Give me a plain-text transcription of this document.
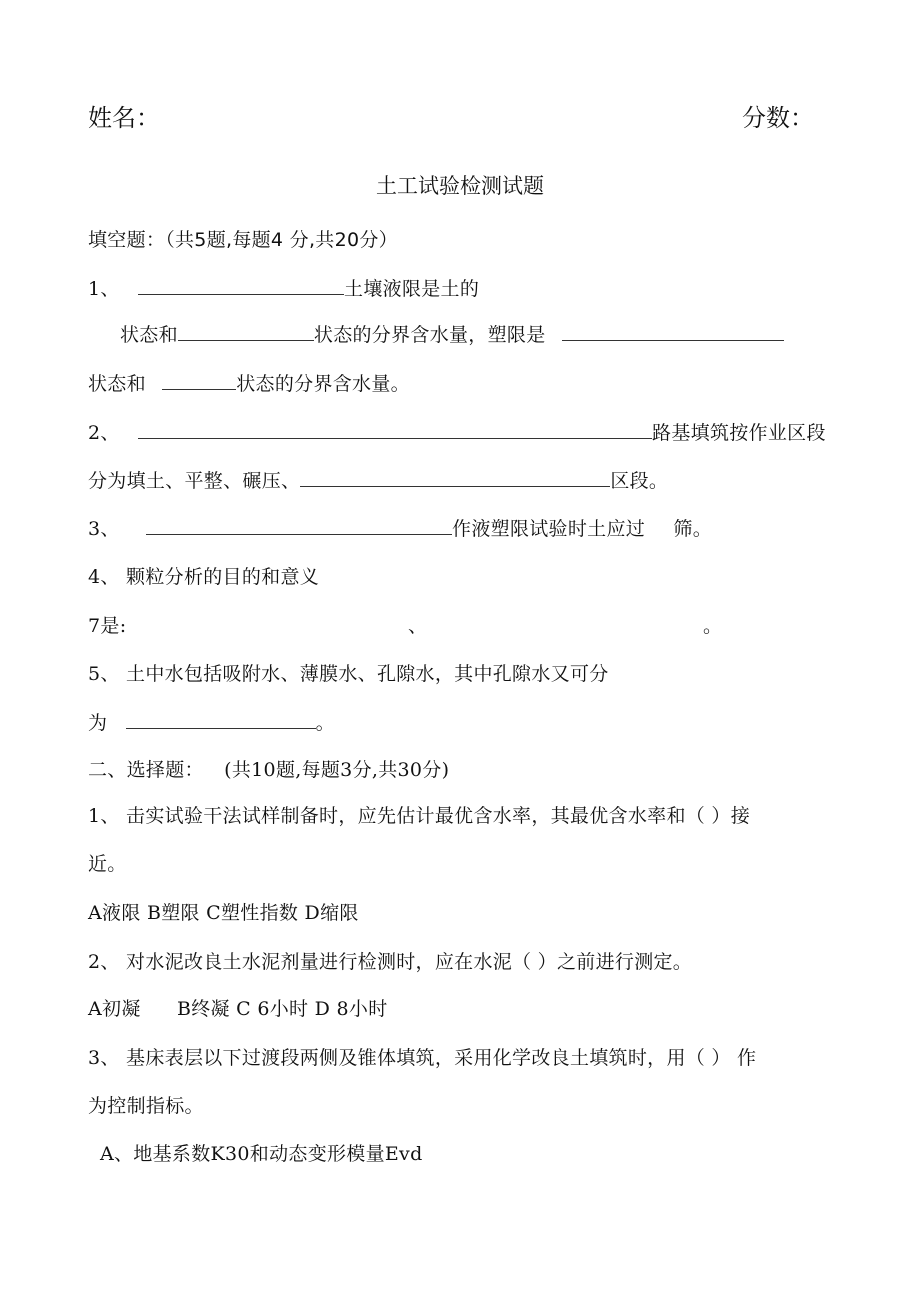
姓名：	分数：
土工试验检测试题
填空题：（共5题,每题4 分,共20分）
1、	土壤液限是土的
状态和	状态的分界含水量，塑限是
状态和	状态的分界含水量。
2、	路基填筑按作业区段
分为填土、平整、碾压、	区段。
3、	作液塑限试验时土应过 筛。
4、 颗粒分析的目的和意义
7是:	、	。
5、 土中水包括吸附水、薄膜水、孔隙水，其中孔隙水又可分
为	。
二、选择题： (共10题,每题3分,共30分)
1、 击实试验干法试样制备时，应先估计最优含水率，其最优含水率和（ ）接
近。
A液限 B塑限 C塑性指数 D缩限
2、 对水泥改良土水泥剂量进行检测时，应在水泥（ ）之前进行测定。
A初凝 B终凝 C 6小时 D 8小时
3、 基床表层以下过渡段两侧及锥体填筑，采用化学改良土填筑时，用（ ） 作
为控制指标。
A、地基系数K30和动态变形模量Evd
